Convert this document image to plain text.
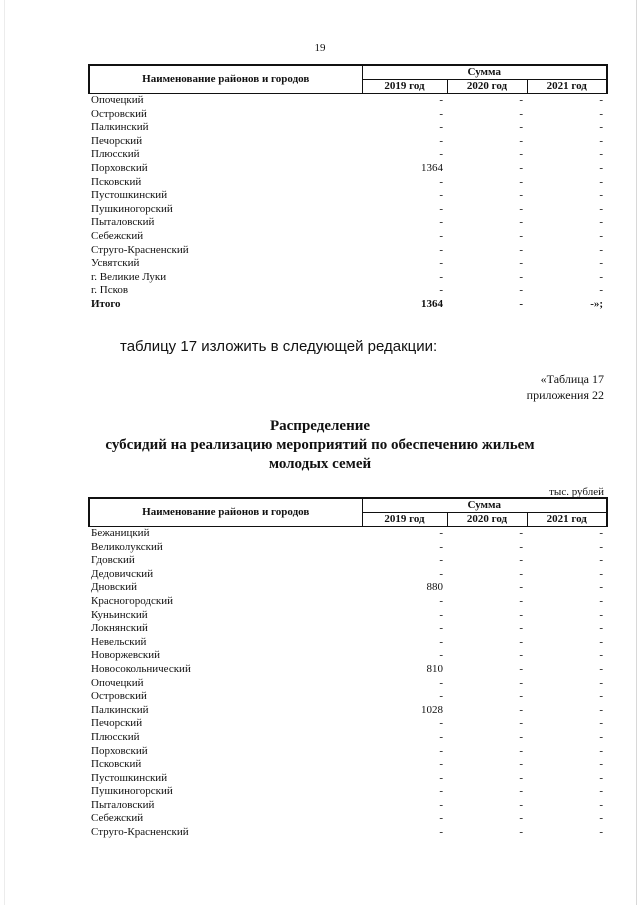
19
Наименование районов и городов	Сумма		
	2019 год	2020 год	2021 год
Опочецкий	-	-	-
Островский	-	-	-
Палкинский	-	-	-
Печорский	-	-	-
Плюсский	-	-	-
Порховский	1364	-	-
Псковский	-	-	-
Пустошкинский	-	-	-
Пушкиногорский	-	-	-
Пыталовский	-	-	-
Себежский	-	-	-
Струго-Красненский	-	-	-
Усвятский	-	-	-
г. Великие Луки	-	-	-
г. Псков	-	-	-
Итого	1364	-	-»;
таблицу 17 изложить в следующей редакции:
«Таблица 17
приложения 22
Распределение
субсидий на реализацию мероприятий по обеспечению жильем
молодых семей
тыс. рублей
Наименование районов и городов	Сумма		
	2019 год	2020 год	2021 год
Бежаницкий	-	-	-
Великолукский	-	-	-
Гдовский	-	-	-
Дедовичский	-	-	-
Дновский	880	-	-
Красногородский	-	-	-
Куньинский	-	-	-
Локнянский	-	-	-
Невельский	-	-	-
Новоржевский	-	-	-
Новосокольнический	810	-	-
Опочецкий	-	-	-
Островский	-	-	-
Палкинский	1028	-	-
Печорский	-	-	-
Плюсский	-	-	-
Порховский	-	-	-
Псковский	-	-	-
Пустошкинский	-	-	-
Пушкиногорский	-	-	-
Пыталовский	-	-	-
Себежский	-	-	-
Струго-Красненский	-	-	-
